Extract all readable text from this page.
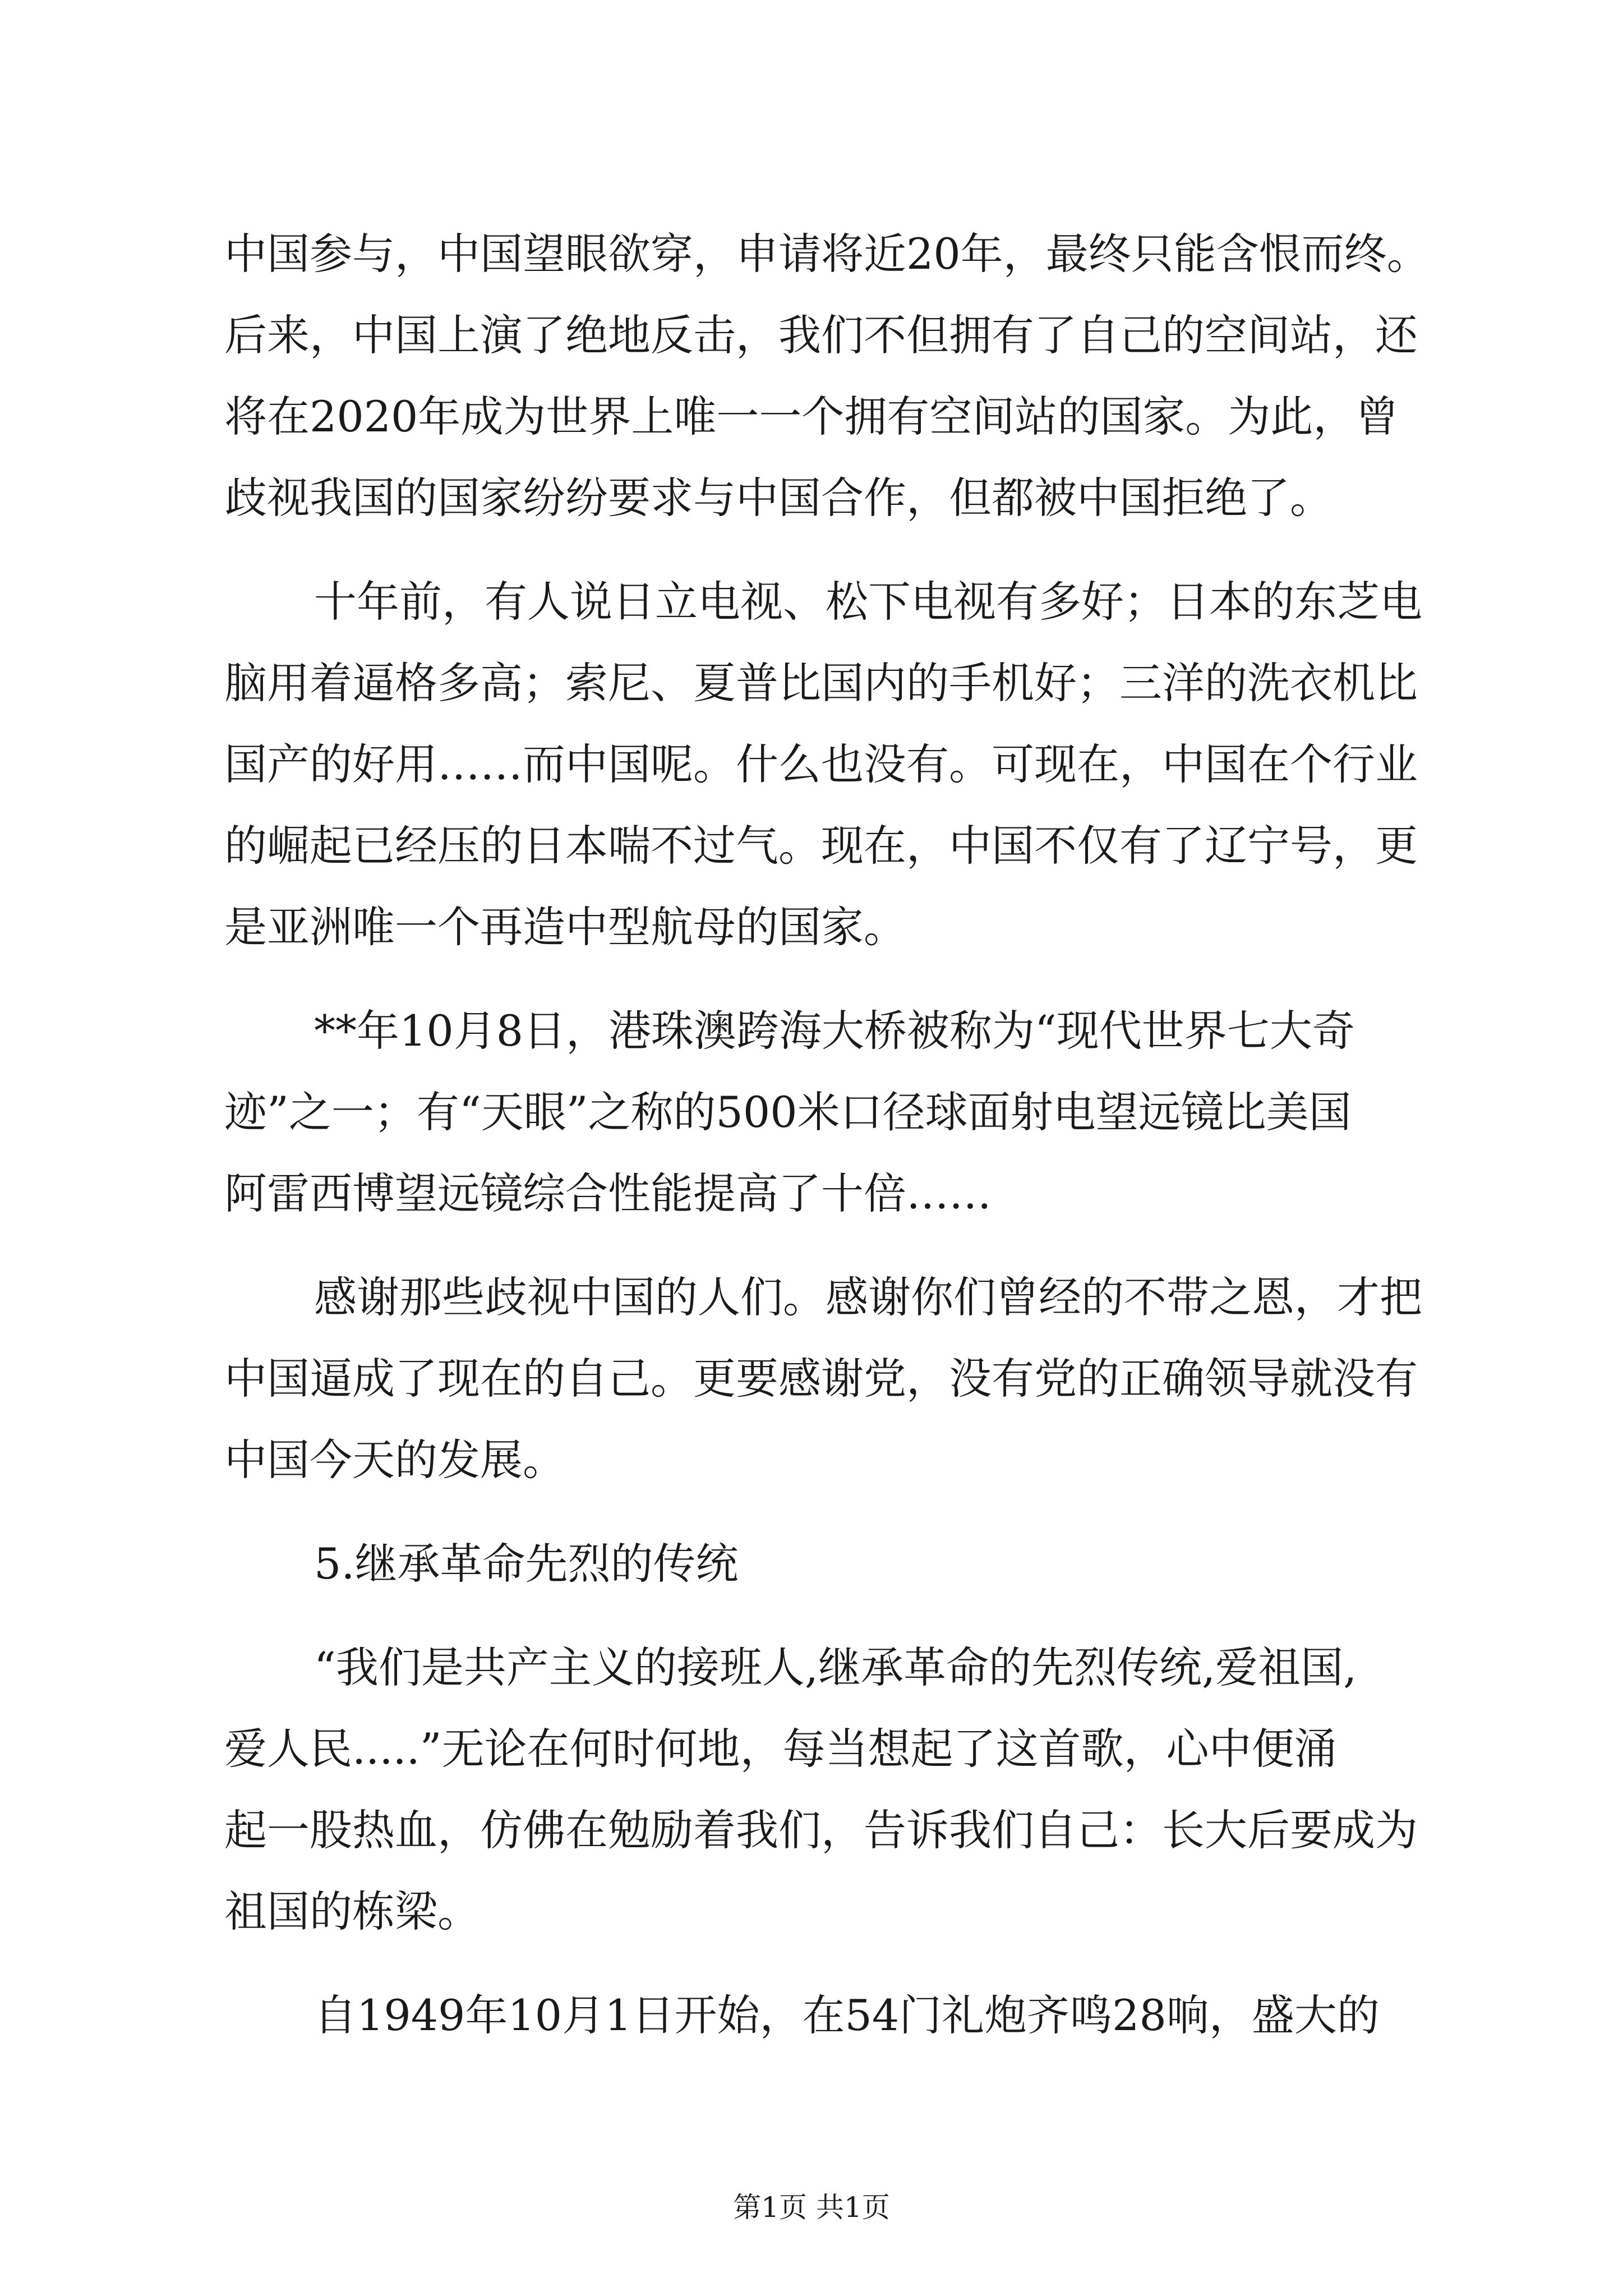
中国参与，中国望眼欲穿，申请将近20年，最终只能含恨而终。
后来，中国上演了绝地反击，我们不但拥有了自己的空间站，还
将在2020年成为世界上唯一一个拥有空间站的国家。为此，曾
歧视我国的国家纷纷要求与中国合作，但都被中国拒绝了。
十年前，有人说日立电视、松下电视有多好；日本的东芝电
脑用着逼格多高；索尼、夏普比国内的手机好；三洋的洗衣机比
国产的好用……而中国呢。什么也没有。可现在，中国在个行业
的崛起已经压的日本喘不过气。现在，中国不仅有了辽宁号，更
是亚洲唯一个再造中型航母的国家。
**年10月8日，港珠澳跨海大桥被称为“现代世界七大奇
迹”之一；有“天眼”之称的500米口径球面射电望远镜比美国
阿雷西博望远镜综合性能提高了十倍……
感谢那些歧视中国的人们。感谢你们曾经的不带之恩，才把
中国逼成了现在的自己。更要感谢党，没有党的正确领导就没有
中国今天的发展。
5.继承革命先烈的传统
“我们是共产主义的接班人,继承革命的先烈传统,爱祖国,
爱人民.....”无论在何时何地，每当想起了这首歌，心中便涌
起一股热血，仿佛在勉励着我们，告诉我们自己：长大后要成为
祖国的栋梁。
自1949年10月1日开始，在54门礼炮齐鸣28响，盛大的
第1页 共1页
